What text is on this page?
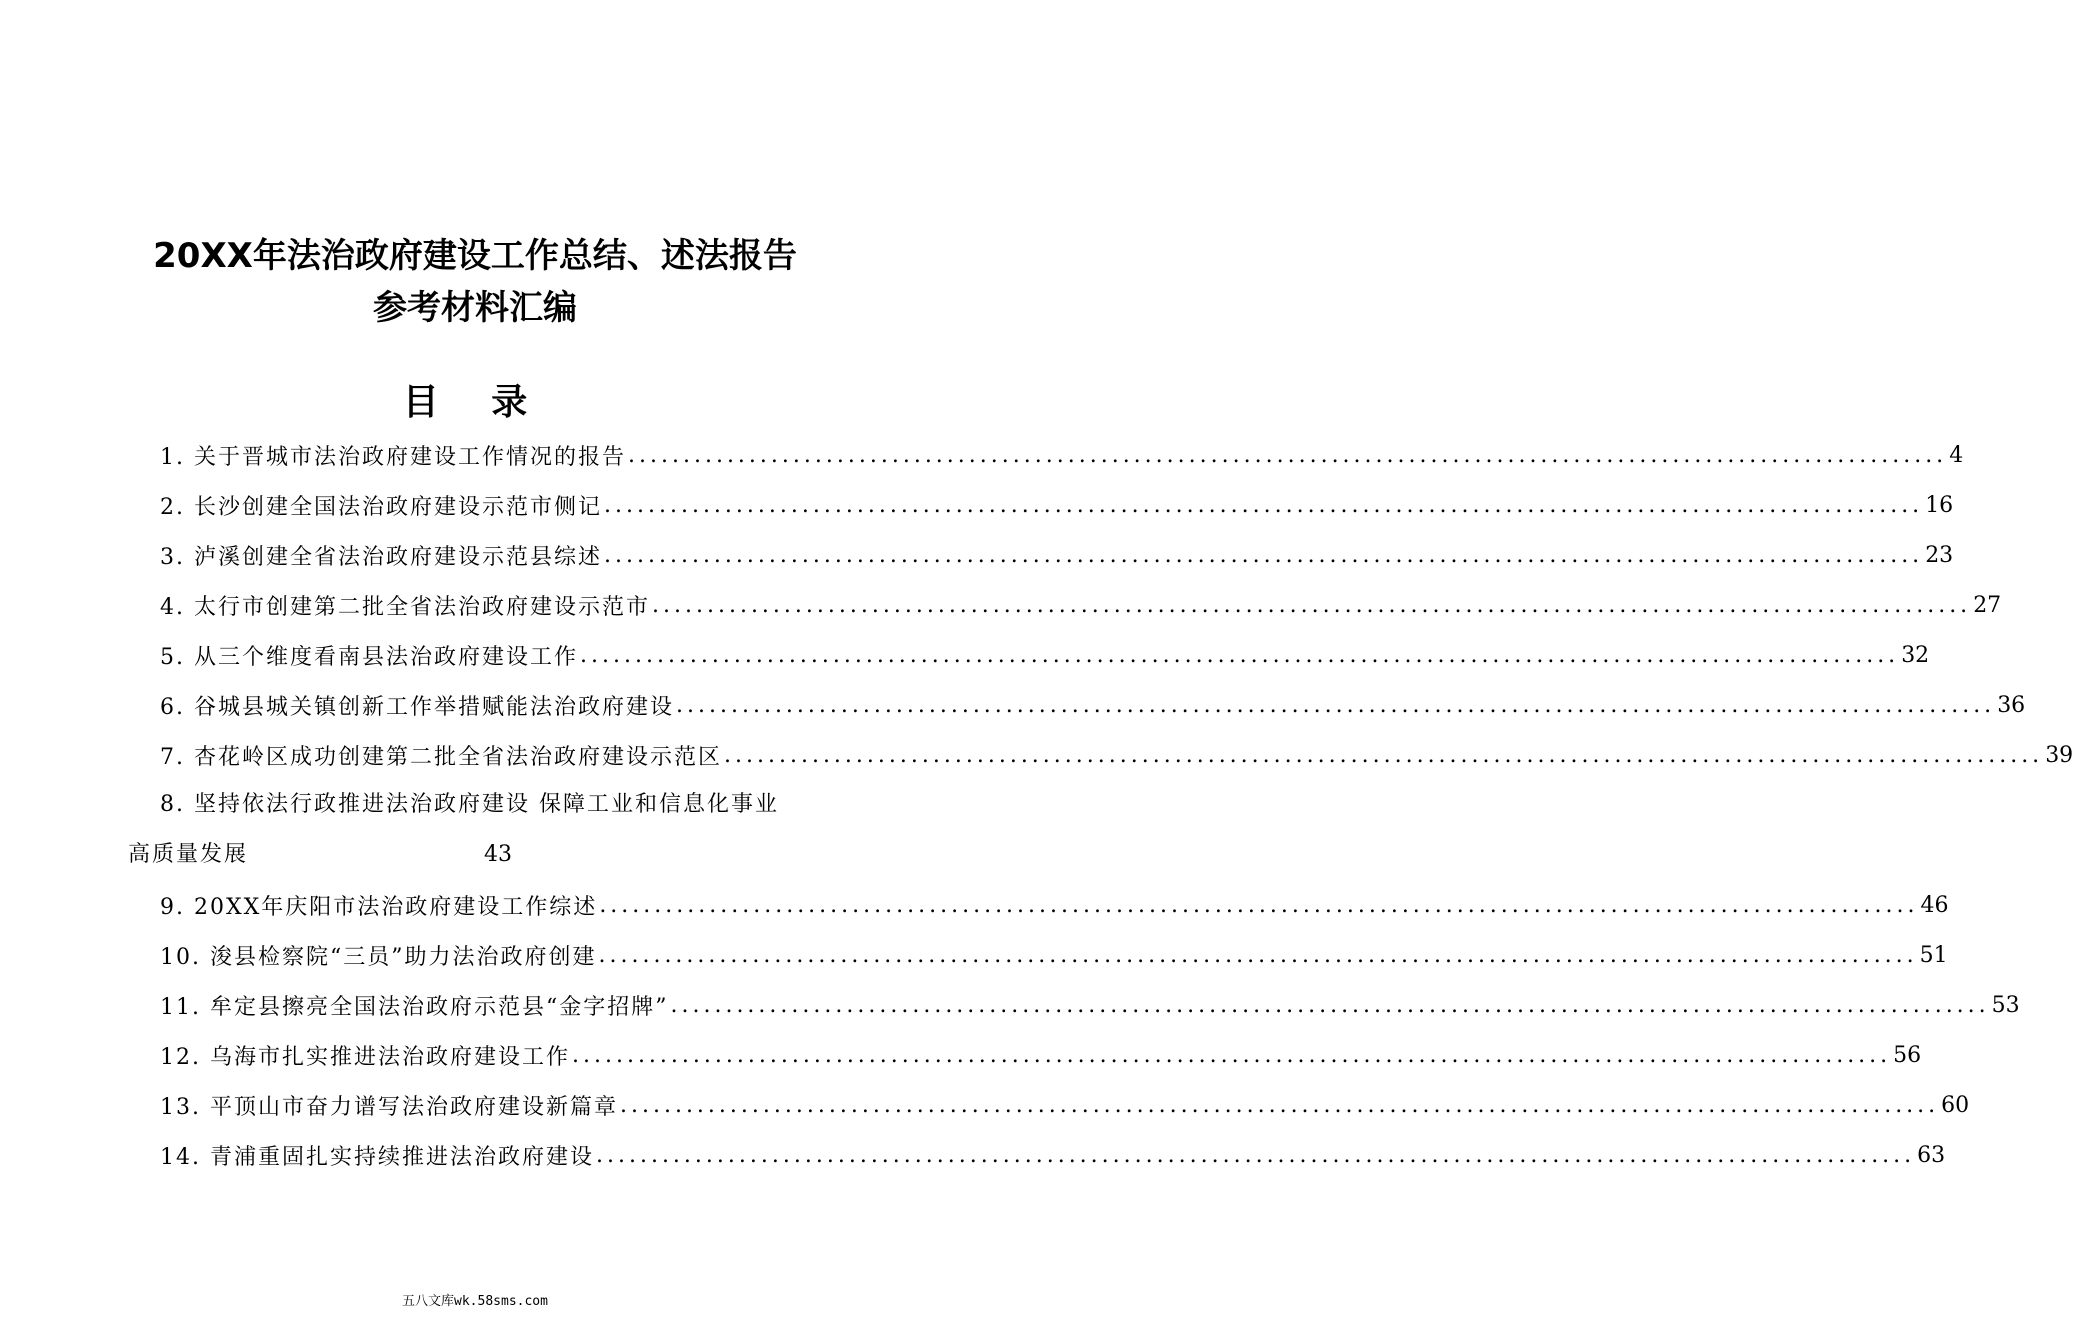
20XX年法治政府建设工作总结、述法报告
参考材料汇编
目 录
1. 关于晋城市法治政府建设工作情况的报告 ........................................................................................................................ 4
2. 长沙创建全国法治政府建设示范市侧记 ........................................................................................................................ 16
3. 泸溪创建全省法治政府建设示范县综述 ........................................................................................................................ 23
4. 太行市创建第二批全省法治政府建设示范市 ........................................................................................................................ 27
5. 从三个维度看南县法治政府建设工作 ........................................................................................................................ 32
6. 谷城县城关镇创新工作举措赋能法治政府建设 ........................................................................................................................ 36
7. 杏花岭区成功创建第二批全省法治政府建设示范区 ........................................................................................................................ 39
8. 坚持依法行政推进法治政府建设 保障工业和信息化事业
高质量发展	43
9. 20XX年庆阳市法治政府建设工作综述 ........................................................................................................................ 46
10. 浚县检察院“三员”助力法治政府创建 ........................................................................................................................ 51
11. 牟定县擦亮全国法治政府示范县“金字招牌” ........................................................................................................................ 53
12. 乌海市扎实推进法治政府建设工作 ........................................................................................................................ 56
13. 平顶山市奋力谱写法治政府建设新篇章 ........................................................................................................................ 60
14. 青浦重固扎实持续推进法治政府建设 ........................................................................................................................ 63
五八文库wk.58sms.com
